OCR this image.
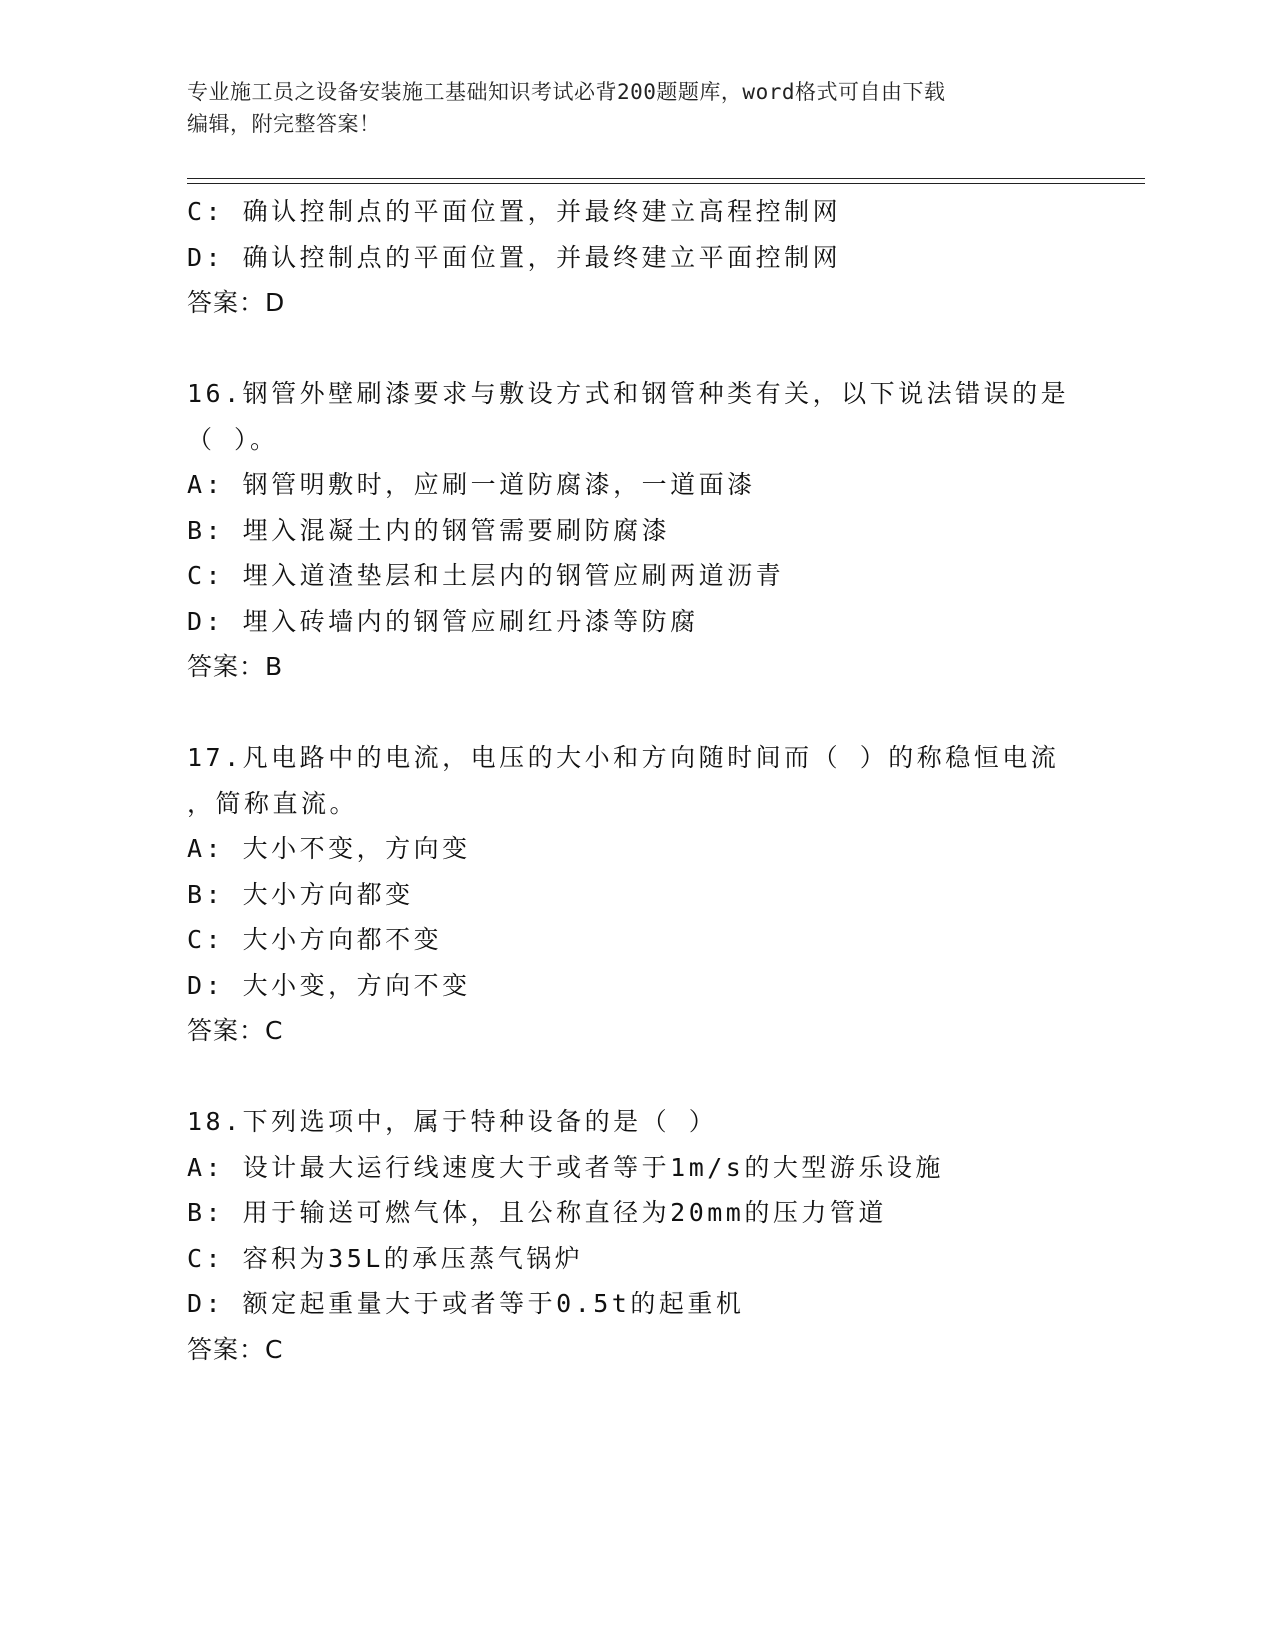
专业施工员之设备安装施工基础知识考试必背200题题库，word格式可自由下载
编辑，附完整答案！
C: 确认控制点的平面位置，并最终建立高程控制网
D: 确认控制点的平面位置，并最终建立平面控制网
答案：D
16.钢管外壁刷漆要求与敷设方式和钢管种类有关，以下说法错误的是
（ ）。
A: 钢管明敷时，应刷一道防腐漆，一道面漆
B: 埋入混凝土内的钢管需要刷防腐漆
C: 埋入道渣垫层和土层内的钢管应刷两道沥青
D: 埋入砖墙内的钢管应刷红丹漆等防腐
答案：B
17.凡电路中的电流，电压的大小和方向随时间而（ ）的称稳恒电流
，简称直流。
A: 大小不变，方向变
B: 大小方向都变
C: 大小方向都不变
D: 大小变，方向不变
答案：C
18.下列选项中，属于特种设备的是（ ）
A: 设计最大运行线速度大于或者等于1m/s的大型游乐设施
B: 用于输送可燃气体，且公称直径为20mm的压力管道
C: 容积为35L的承压蒸气锅炉
D: 额定起重量大于或者等于0.5t的起重机
答案：C
